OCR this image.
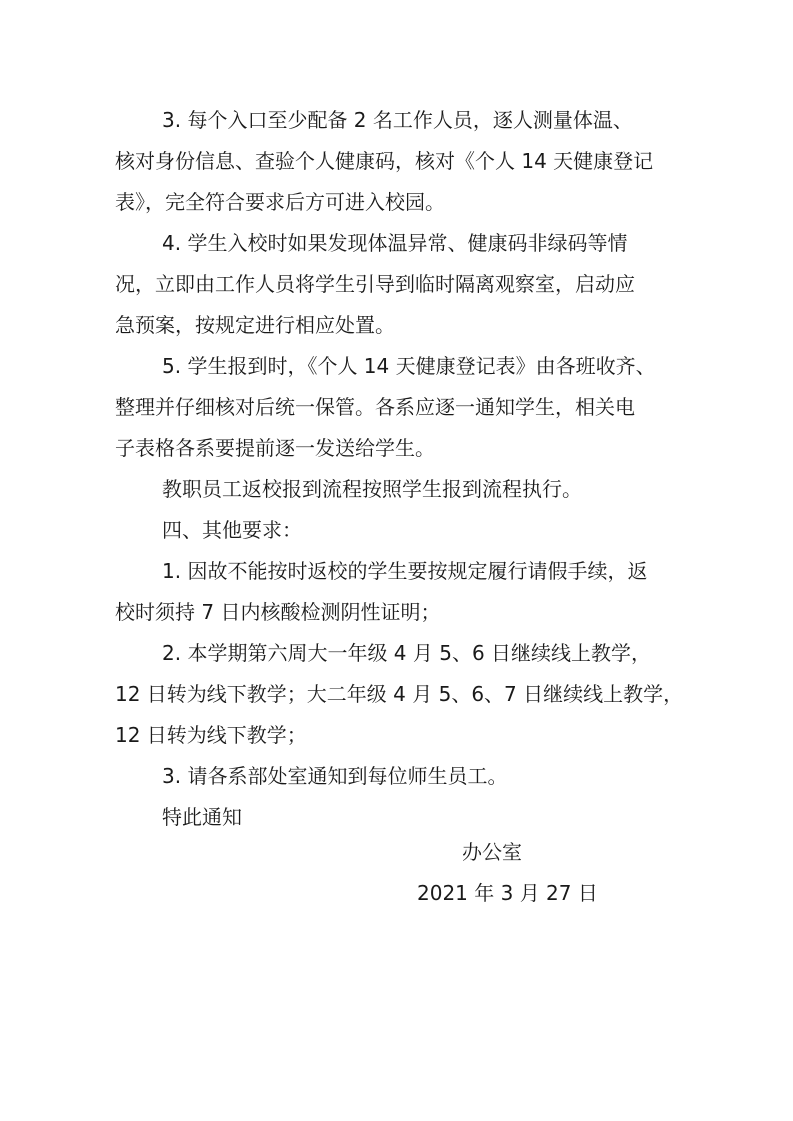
3. 每个入口至少配备 2 名工作人员，逐人测量体温、

核对身份信息、查验个人健康码，核对《个人 14 天健康登记

表》，完全符合要求后方可进入校园。

4. 学生入校时如果发现体温异常、健康码非绿码等情

况，立即由工作人员将学生引导到临时隔离观察室，启动应

急预案，按规定进行相应处置。

5. 学生报到时，《个人 14 天健康登记表》由各班收齐、

整理并仔细核对后统一保管。各系应逐一通知学生，相关电

子表格各系要提前逐一发送给学生。

教职员工返校报到流程按照学生报到流程执行。

四、其他要求：

1. 因故不能按时返校的学生要按规定履行请假手续，返

校时须持 7 日内核酸检测阴性证明；

2. 本学期第六周大一年级 4 月 5、6 日继续线上教学，

12 日转为线下教学；大二年级 4 月 5、6、7 日继续线上教学，

12 日转为线下教学；

3. 请各系部处室通知到每位师生员工。

特此通知

办公室
2021 年 3 月 27 日
